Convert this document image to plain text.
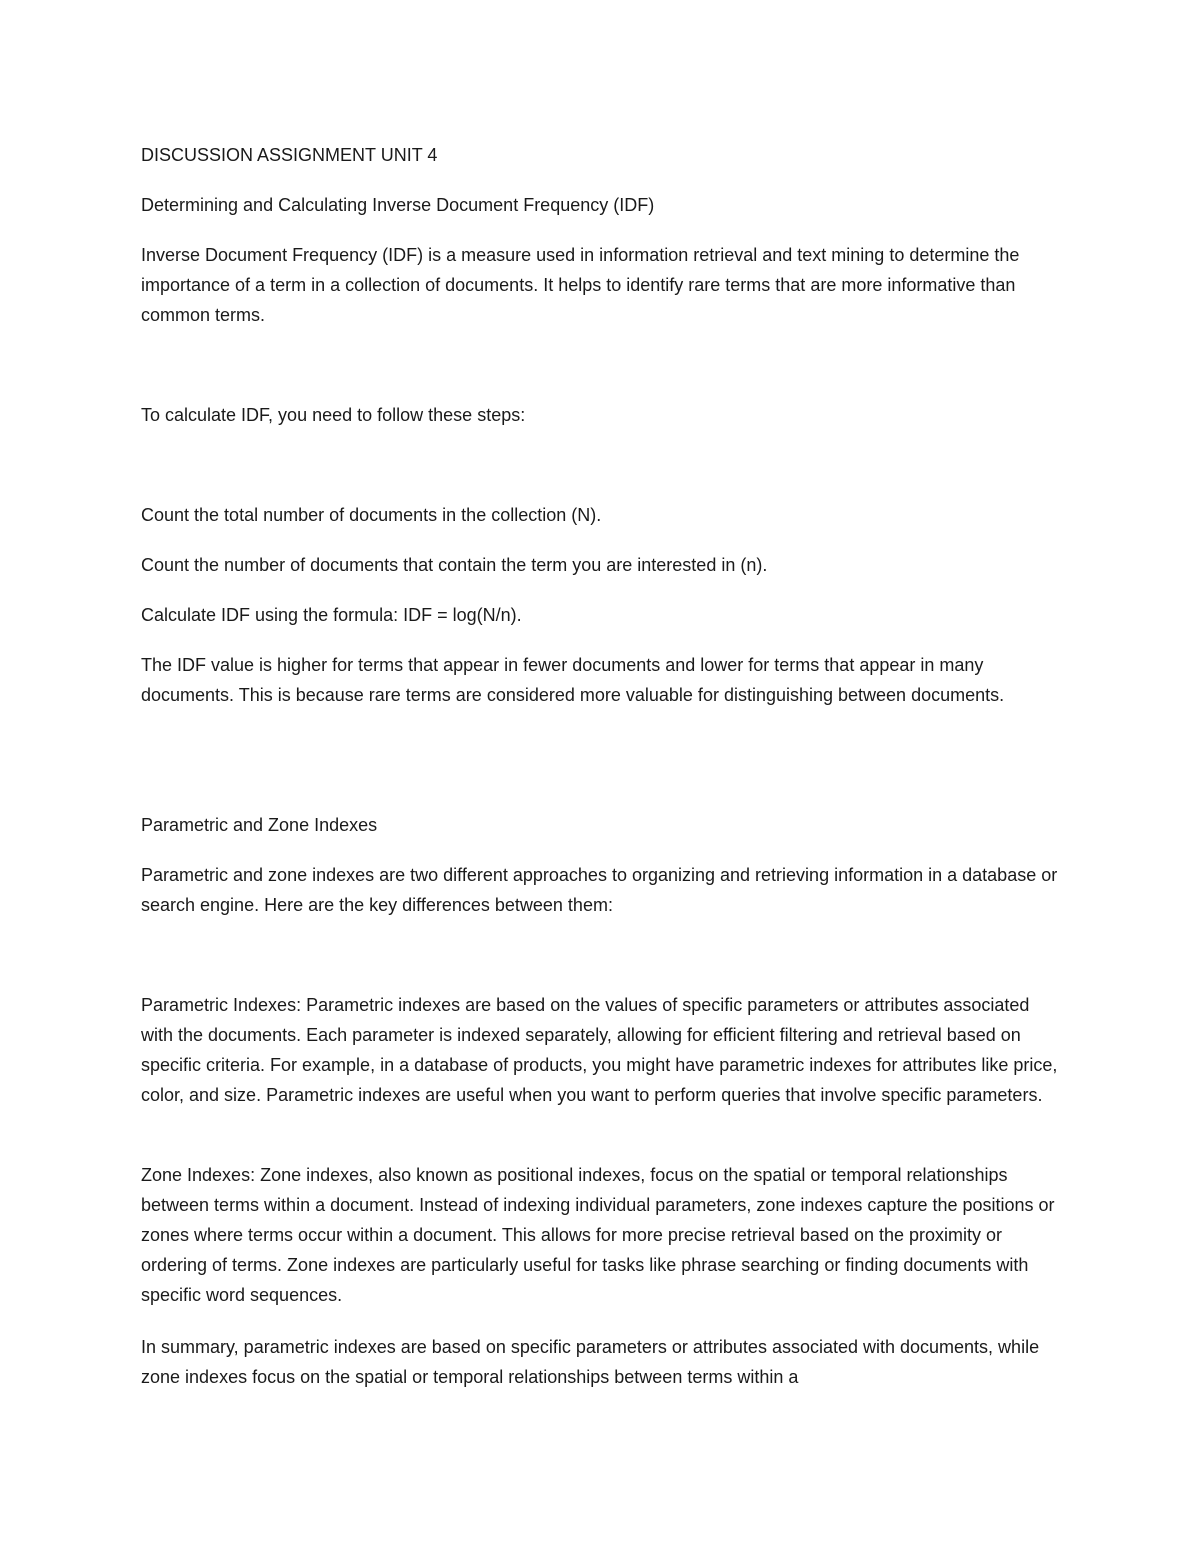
DISCUSSION ASSIGNMENT UNIT 4

Determining and Calculating Inverse Document Frequency (IDF)

Inverse Document Frequency (IDF) is a measure used in information retrieval and text mining to determine the importance of a term in a collection of documents. It helps to identify rare terms that are more informative than common terms.

To calculate IDF, you need to follow these steps:

Count the total number of documents in the collection (N).

Count the number of documents that contain the term you are interested in (n).

Calculate IDF using the formula: IDF = log(N/n).

The IDF value is higher for terms that appear in fewer documents and lower for terms that appear in many documents. This is because rare terms are considered more valuable for distinguishing between documents.

Parametric and Zone Indexes

Parametric and zone indexes are two different approaches to organizing and retrieving information in a database or search engine. Here are the key differences between them:

Parametric Indexes: Parametric indexes are based on the values of specific parameters or attributes associated with the documents. Each parameter is indexed separately, allowing for efficient filtering and retrieval based on specific criteria. For example, in a database of products, you might have parametric indexes for attributes like price, color, and size. Parametric indexes are useful when you want to perform queries that involve specific parameters.

Zone Indexes: Zone indexes, also known as positional indexes, focus on the spatial or temporal relationships between terms within a document. Instead of indexing individual parameters, zone indexes capture the positions or zones where terms occur within a document. This allows for more precise retrieval based on the proximity or ordering of terms. Zone indexes are particularly useful for tasks like phrase searching or finding documents with specific word sequences.

In summary, parametric indexes are based on specific parameters or attributes associated with documents, while zone indexes focus on the spatial or temporal relationships between terms within a
